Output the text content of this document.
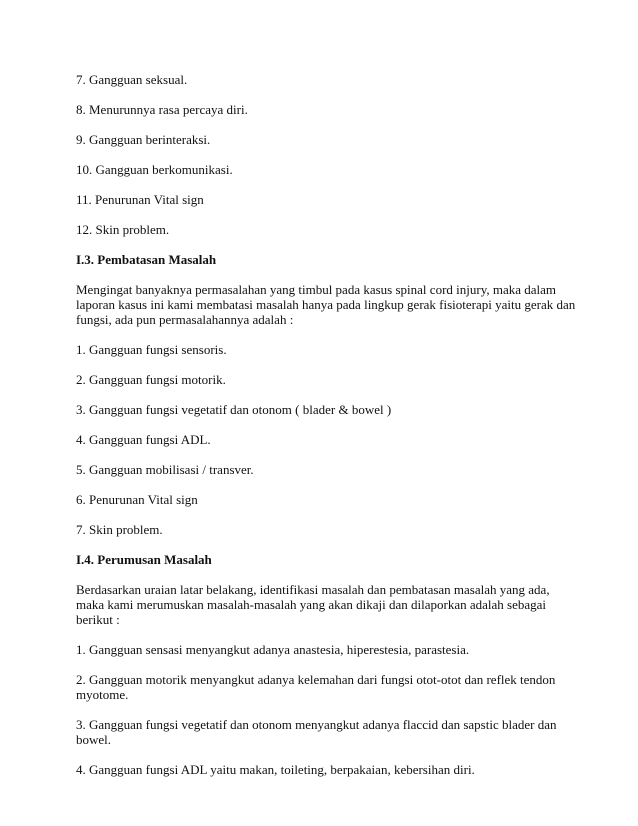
7. Gangguan seksual.

8. Menurunnya rasa percaya diri.

9. Gangguan berinteraksi.

10. Gangguan berkomunikasi.

11. Penurunan Vital sign

12. Skin problem.

I.3. Pembatasan Masalah

Mengingat banyaknya permasalahan yang timbul pada kasus spinal cord injury, maka dalam laporan kasus ini kami membatasi masalah hanya pada lingkup gerak fisioterapi yaitu gerak dan fungsi, ada pun permasalahannya adalah :

1. Gangguan fungsi sensoris.

2. Gangguan fungsi motorik.

3. Gangguan fungsi vegetatif dan otonom ( blader & bowel )

4. Gangguan fungsi ADL.

5. Gangguan mobilisasi / transver.

6. Penurunan Vital sign

7. Skin problem.

I.4. Perumusan Masalah

Berdasarkan uraian latar belakang, identifikasi masalah dan pembatasan masalah yang ada, maka kami merumuskan masalah-masalah yang akan dikaji dan dilaporkan adalah sebagai berikut :

1. Gangguan sensasi menyangkut adanya anastesia, hiperestesia, parastesia.

2. Gangguan motorik menyangkut adanya kelemahan dari fungsi otot-otot dan reflek tendon myotome.

3. Gangguan fungsi vegetatif dan otonom menyangkut adanya flaccid dan sapstic blader dan bowel.

4. Gangguan fungsi ADL yaitu makan, toileting, berpakaian, kebersihan diri.
